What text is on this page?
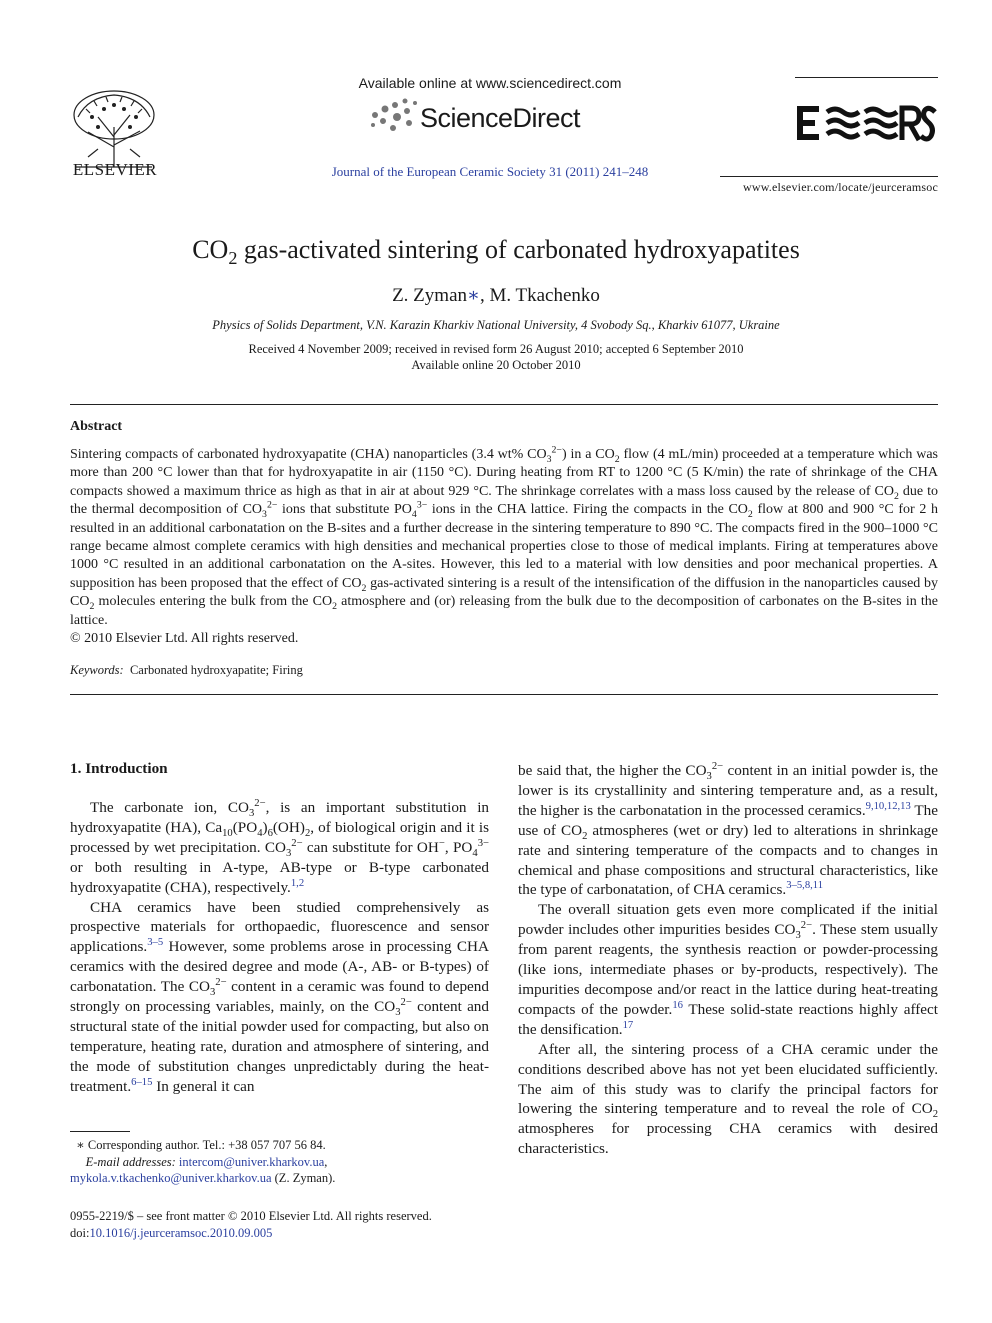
ELSEVIER
Available online at www.sciencedirect.com
ScienceDirect
Journal of the European Ceramic Society 31 (2011) 241–248
www.elsevier.com/locate/jeurceramsoc
$CO_2$ gas-activated sintering of carbonated hydroxyapatites
Z. Zyman∗, M. Tkachenko
Physics of Solids Department, V.N. Karazin Kharkiv National University, 4 Svobody Sq., Kharkiv 61077, Ukraine
Received 4 November 2009; received in revised form 26 August 2010; accepted 6 September 2010
Available online 20 October 2010
Abstract
Sintering compacts of carbonated hydroxyapatite (CHA) nanoparticles (3.4 wt% $CO_3^{2-}$) in a $CO_2$ flow (4 mL/min) proceeded at a temperature which was more than 200 °C lower than that for hydroxyapatite in air (1150 °C). During heating from RT to 1200 °C (5 K/min) the rate of shrinkage of the CHA compacts showed a maximum thrice as high as that in air at about 929 °C. The shrinkage correlates with a mass loss caused by the release of $CO_2$ due to the thermal decomposition of $CO_3^{2-}$ ions that substitute $PO_4^{3-}$ ions in the CHA lattice. Firing the compacts in the $CO_2$ flow at 800 and 900 °C for 2 h resulted in an additional carbonatation on the B-sites and a further decrease in the sintering temperature to 890 °C. The compacts fired in the 900–1000 °C range became almost complete ceramics with high densities and mechanical properties close to those of medical implants. Firing at temperatures above 1000 °C resulted in an additional carbonatation on the A-sites. However, this led to a material with low densities and poor mechanical properties. A supposition has been proposed that the effect of $CO_2$ gas-activated sintering is a result of the intensification of the diffusion in the nanoparticles caused by $CO_2$ molecules entering the bulk from the $CO_2$ atmosphere and (or) releasing from the bulk due to the decomposition of carbonates on the B-sites in the lattice.
© 2010 Elsevier Ltd. All rights reserved.
Keywords: Carbonated hydroxyapatite; Firing
1. Introduction

The carbonate ion, $CO_3^{2-}$, is an important substitution in hydroxyapatite (HA), $Ca_{10}(PO_4)_6(OH)_2$, of biological origin and it is processed by wet precipitation. $CO_3^{2-}$ can substitute for OH−, $PO_4^{3-}$ or both resulting in A-type, AB-type or B-type carbonated hydroxyapatite (CHA), respectively.$^{1,2}$

CHA ceramics have been studied comprehensively as prospective materials for orthopaedic, fluorescence and sensor applications.$^{3-5}$ However, some problems arose in processing CHA ceramics with the desired degree and mode (A-, AB- or B-types) of carbonatation. The $CO_3^{2-}$ content in a ceramic was found to depend strongly on processing variables, mainly, on the $CO_3^{2-}$ content and structural state of the initial powder used for compacting, but also on temperature, heating rate, duration and atmosphere of sintering, and the mode of substitution changes unpredictably during the heat-treatment.$^{6-15}$ In general it can

be said that, the higher the $CO_3^{2-}$ content in an initial powder is, the lower is its crystallinity and sintering temperature and, as a result, the higher is the carbonatation in the processed ceramics.$^{9,10,12,13}$ The use of $CO_2$ atmospheres (wet or dry) led to alterations in shrinkage rate and sintering temperature of the compacts and to changes in chemical and phase compositions and structural characteristics, like the type of carbonatation, of CHA ceramics.$^{3-5,8,11}$

The overall situation gets even more complicated if the initial powder includes other impurities besides $CO_3^{2-}$. These stem usually from parent reagents, the synthesis reaction or powder-processing (like ions, intermediate phases or by-products, respectively). The impurities decompose and/or react in the lattice during heat-treating compacts of the powder.$^{16}$ These solid-state reactions highly affect the densification.$^{17}$

After all, the sintering process of a CHA ceramic under the conditions described above has not yet been elucidated sufficiently. The aim of this study was to clarify the principal factors for lowering the sintering temperature and to reveal the role of $CO_2$ atmospheres for processing CHA ceramics with desired characteristics.

∗ Corresponding author. Tel.: +38 057 707 56 84.
E-mail addresses: intercom@univer.kharkov.ua,
mykola.v.tkachenko@univer.kharkov.ua (Z. Zyman).
0955-2219/$ – see front matter © 2010 Elsevier Ltd. All rights reserved.
doi:10.1016/j.jeurceramsoc.2010.09.005
